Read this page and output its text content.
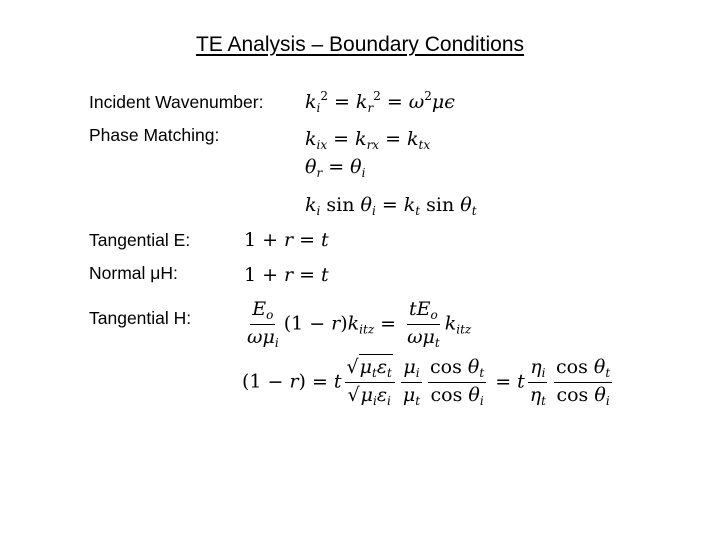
TE Analysis – Boundary Conditions
Incident Wavenumber:
Phase Matching:
Tangential E:
Normal μH:
Tangential H:
$k_i^2 = k_r^2 = \omega^2\mu\epsilon$
$k_{ix} = k_{rx} = k_{tx}$
$\theta_r = \theta_i$
$k_i$ $\sin \theta_i = k_t$ $\sin \theta_t$
1 + r = t
1 + r = t
$\frac{E_o}{\omega\mu_i} (1 - r)k_{itz} = \frac{tE_o}{\omega\mu_t} k_{itz}$
(1 − r) = t $\frac{√\mu_t\varepsilon_t}{√\mu_i\varepsilon_i} \frac{\mu_i}{\mu_t} \frac{\cos \theta_t}{\cos \theta_i} = t \frac{\eta_i}{\eta_t} \frac{\cos \theta_t}{\cos \theta_i}$
